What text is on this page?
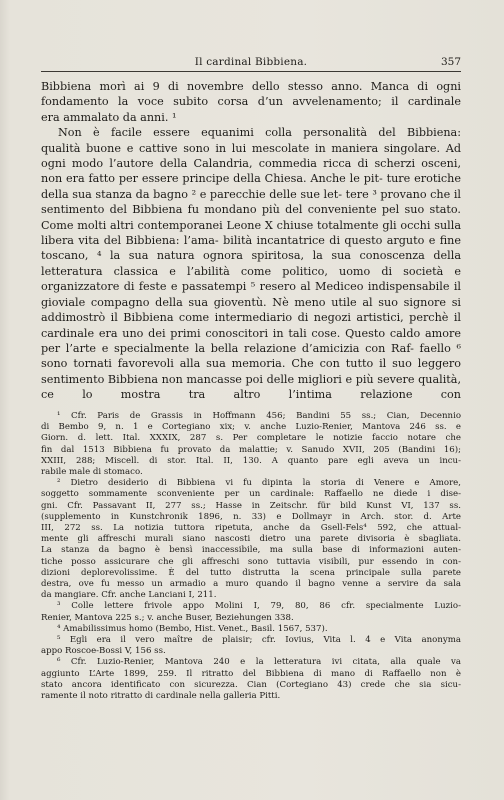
Il cardinal Bibbiena.	357

Bibbiena morì ai 9 di novembre dello stesso anno. Manca di ogni fondamento la voce subito corsa d’un avvelenamento; il cardinale

era ammalato da anni. ¹

Non è facile essere equanimi colla personalità del Bibbiena:

qualità buone e cattive sono in lui mescolate in maniera singolare. Ad ogni modo l’autore della Calandria, commedia ricca di scherzi osceni, non era fatto per essere principe della Chiesa. Anche le pit- ture erotiche della sua stanza da bagno ² e parecchie delle sue let- tere ³ provano che il sentimento del Bibbiena fu mondano più del conveniente pel suo stato. Come molti altri contemporanei Leone X chiuse totalmente gli occhi sulla libera vita del Bibbiena: l’ama- bilità incantatrice di questo arguto e fine toscano, ⁴ la sua natura ognora spiritosa, la sua conoscenza della letteratura classica e l’abilità come politico, uomo di società e organizzatore di feste e passatempi ⁵ resero al Mediceo indispensabile il gioviale compagno della sua gioventù. Nè meno utile al suo signore si addimostrò il Bibbiena come intermediario di negozi artistici, perchè il cardinale era uno dei primi conoscitori in tali cose. Questo caldo amore per l’arte e specialmente la bella relazione d’amicizia con Raf- faello ⁶ sono tornati favorevoli alla sua memoria. Che con tutto il suo leggero sentimento Bibbiena non mancasse poi delle migliori e più severe qualità, ce lo mostra tra altro l’intima relazione con

¹ Cfr. Paris de Grassis in Hoffmann 456; Bandini 55 ss.; Cian, Decennio

di Bembo 9, n. 1 e Cortegiano xix; v. anche Luzio-Renier, Mantova 246 ss. e
Giorn. d. lett. Ital. XXXIX, 287 s. Per completare le notizie faccio notare che
fin dal 1513 Bibbiena fu provato da malattie; v. Sanudo XVII, 205 (Bandini 16);
XXIII, 288; Miscell. di stor. Ital. II, 130. A quanto pare egli aveva un incu-

rabile male di stomaco.

² Dietro desiderio di Bibbiena vi fu dipinta la storia di Venere e Amore,

soggetto sommamente sconveniente per un cardinale: Raffaello ne diede i dise-
gni. Cfr. Passavant II, 277 ss.; Hasse in Zeitschr. für bild Kunst VI, 137 ss.
(supplemento in Kunstchronik 1896, n. 33) e Dollmayr in Arch. stor. d. Arte
III, 272 ss. La notizia tuttora ripetuta, anche da Gsell-Fels⁴ 592, che attual-
mente gli affreschi murali siano nascosti dietro una parete divisoria è sbagliata.
La stanza da bagno è bensì inaccessibile, ma sulla base di informazioni auten-
tiche posso assicurare che gli affreschi sono tuttavia visibili, pur essendo in con-
dizioni deplorevolissime. È del tutto distrutta la scena principale sulla parete
destra, ove fu messo un armadio a muro quando il bagno venne a servire da sala

da mangiare. Cfr. anche Lanciani I, 211.

³ Colle lettere frivole appo Molini I, 79, 80, 86 cfr. specialmente Luzio-

Renier, Mantova 225 s.; v. anche Buser, Beziehungen 338.

⁴ Amabilissimus homo (Bembo, Hist. Venet., Basil. 1567, 537).

⁵ Egli era il vero maître de plaisir; cfr. Iovius, Vita l. 4 e Vita anonyma

appo Roscoe-Bossi V, 156 ss.

⁶ Cfr. Luzio-Renier, Mantova 240 e la letteratura ivi citata, alla quale va

aggiunto L’Arte 1899, 259. Il ritratto del Bibbiena di mano di Raffaello non è
stato ancora identificato con sicurezza. Cian (Cortegiano 43) crede che sia sicu-

ramente il noto ritratto di cardinale nella galleria Pitti.
